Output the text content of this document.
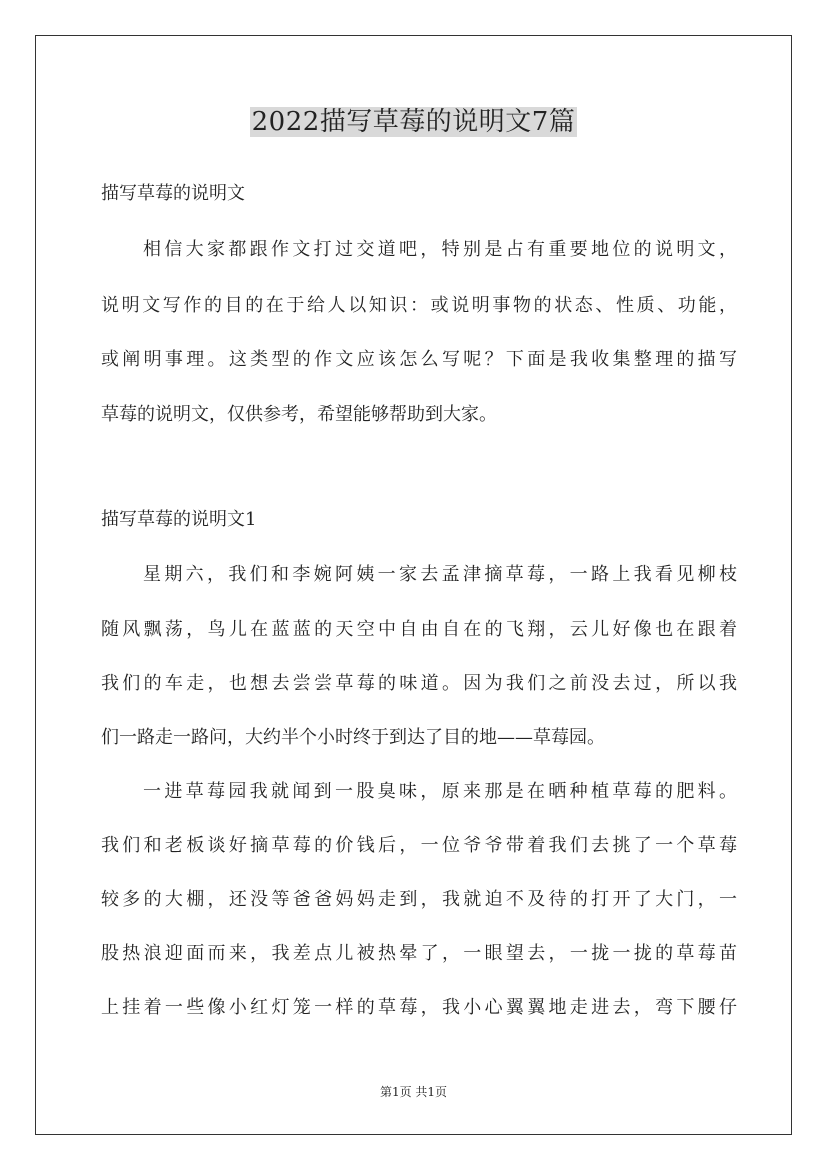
2022描写草莓的说明文7篇
描写草莓的说明文
相信大家都跟作文打过交道吧，特别是占有重要地位的说明文，
说明文写作的目的在于给人以知识：或说明事物的状态、性质、功能，
或阐明事理。这类型的作文应该怎么写呢？下面是我收集整理的描写
草莓的说明文，仅供参考，希望能够帮助到大家。
描写草莓的说明文1
星期六，我们和李婉阿姨一家去孟津摘草莓，一路上我看见柳枝
随风飘荡，鸟儿在蓝蓝的天空中自由自在的飞翔，云儿好像也在跟着
我们的车走，也想去尝尝草莓的味道。因为我们之前没去过，所以我
们一路走一路问，大约半个小时终于到达了目的地——草莓园。
一进草莓园我就闻到一股臭味，原来那是在晒种植草莓的肥料。
我们和老板谈好摘草莓的价钱后，一位爷爷带着我们去挑了一个草莓
较多的大棚，还没等爸爸妈妈走到，我就迫不及待的打开了大门，一
股热浪迎面而来，我差点儿被热晕了，一眼望去，一拢一拢的草莓苗
上挂着一些像小红灯笼一样的草莓，我小心翼翼地走进去，弯下腰仔
第1页 共1页
